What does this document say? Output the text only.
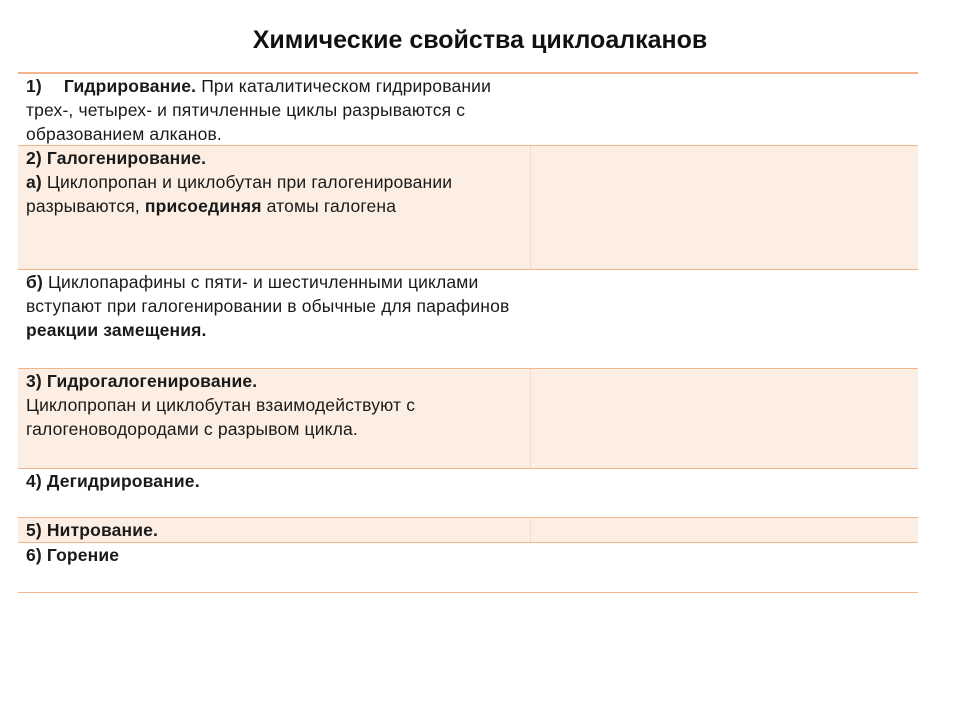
Химические свойства циклоалканов
1) Гидрирование. При каталитическом гидрировании трех-, четырех- и пятичленные циклы разрываются с образованием алканов.
2) Галогенирование.
а) Циклопропан и циклобутан при галогенировании разрываются, присоединяя атомы галогена
б) Циклопарафины с пяти- и шестичленными циклами вступают при галогенировании в обычные для парафинов реакции замещения.
3) Гидрогалогенирование.
Циклопропан и циклобутан взаимодействуют с галогеноводородами с разрывом цикла.
4) Дегидрирование.
5) Нитрование.
6) Горение
